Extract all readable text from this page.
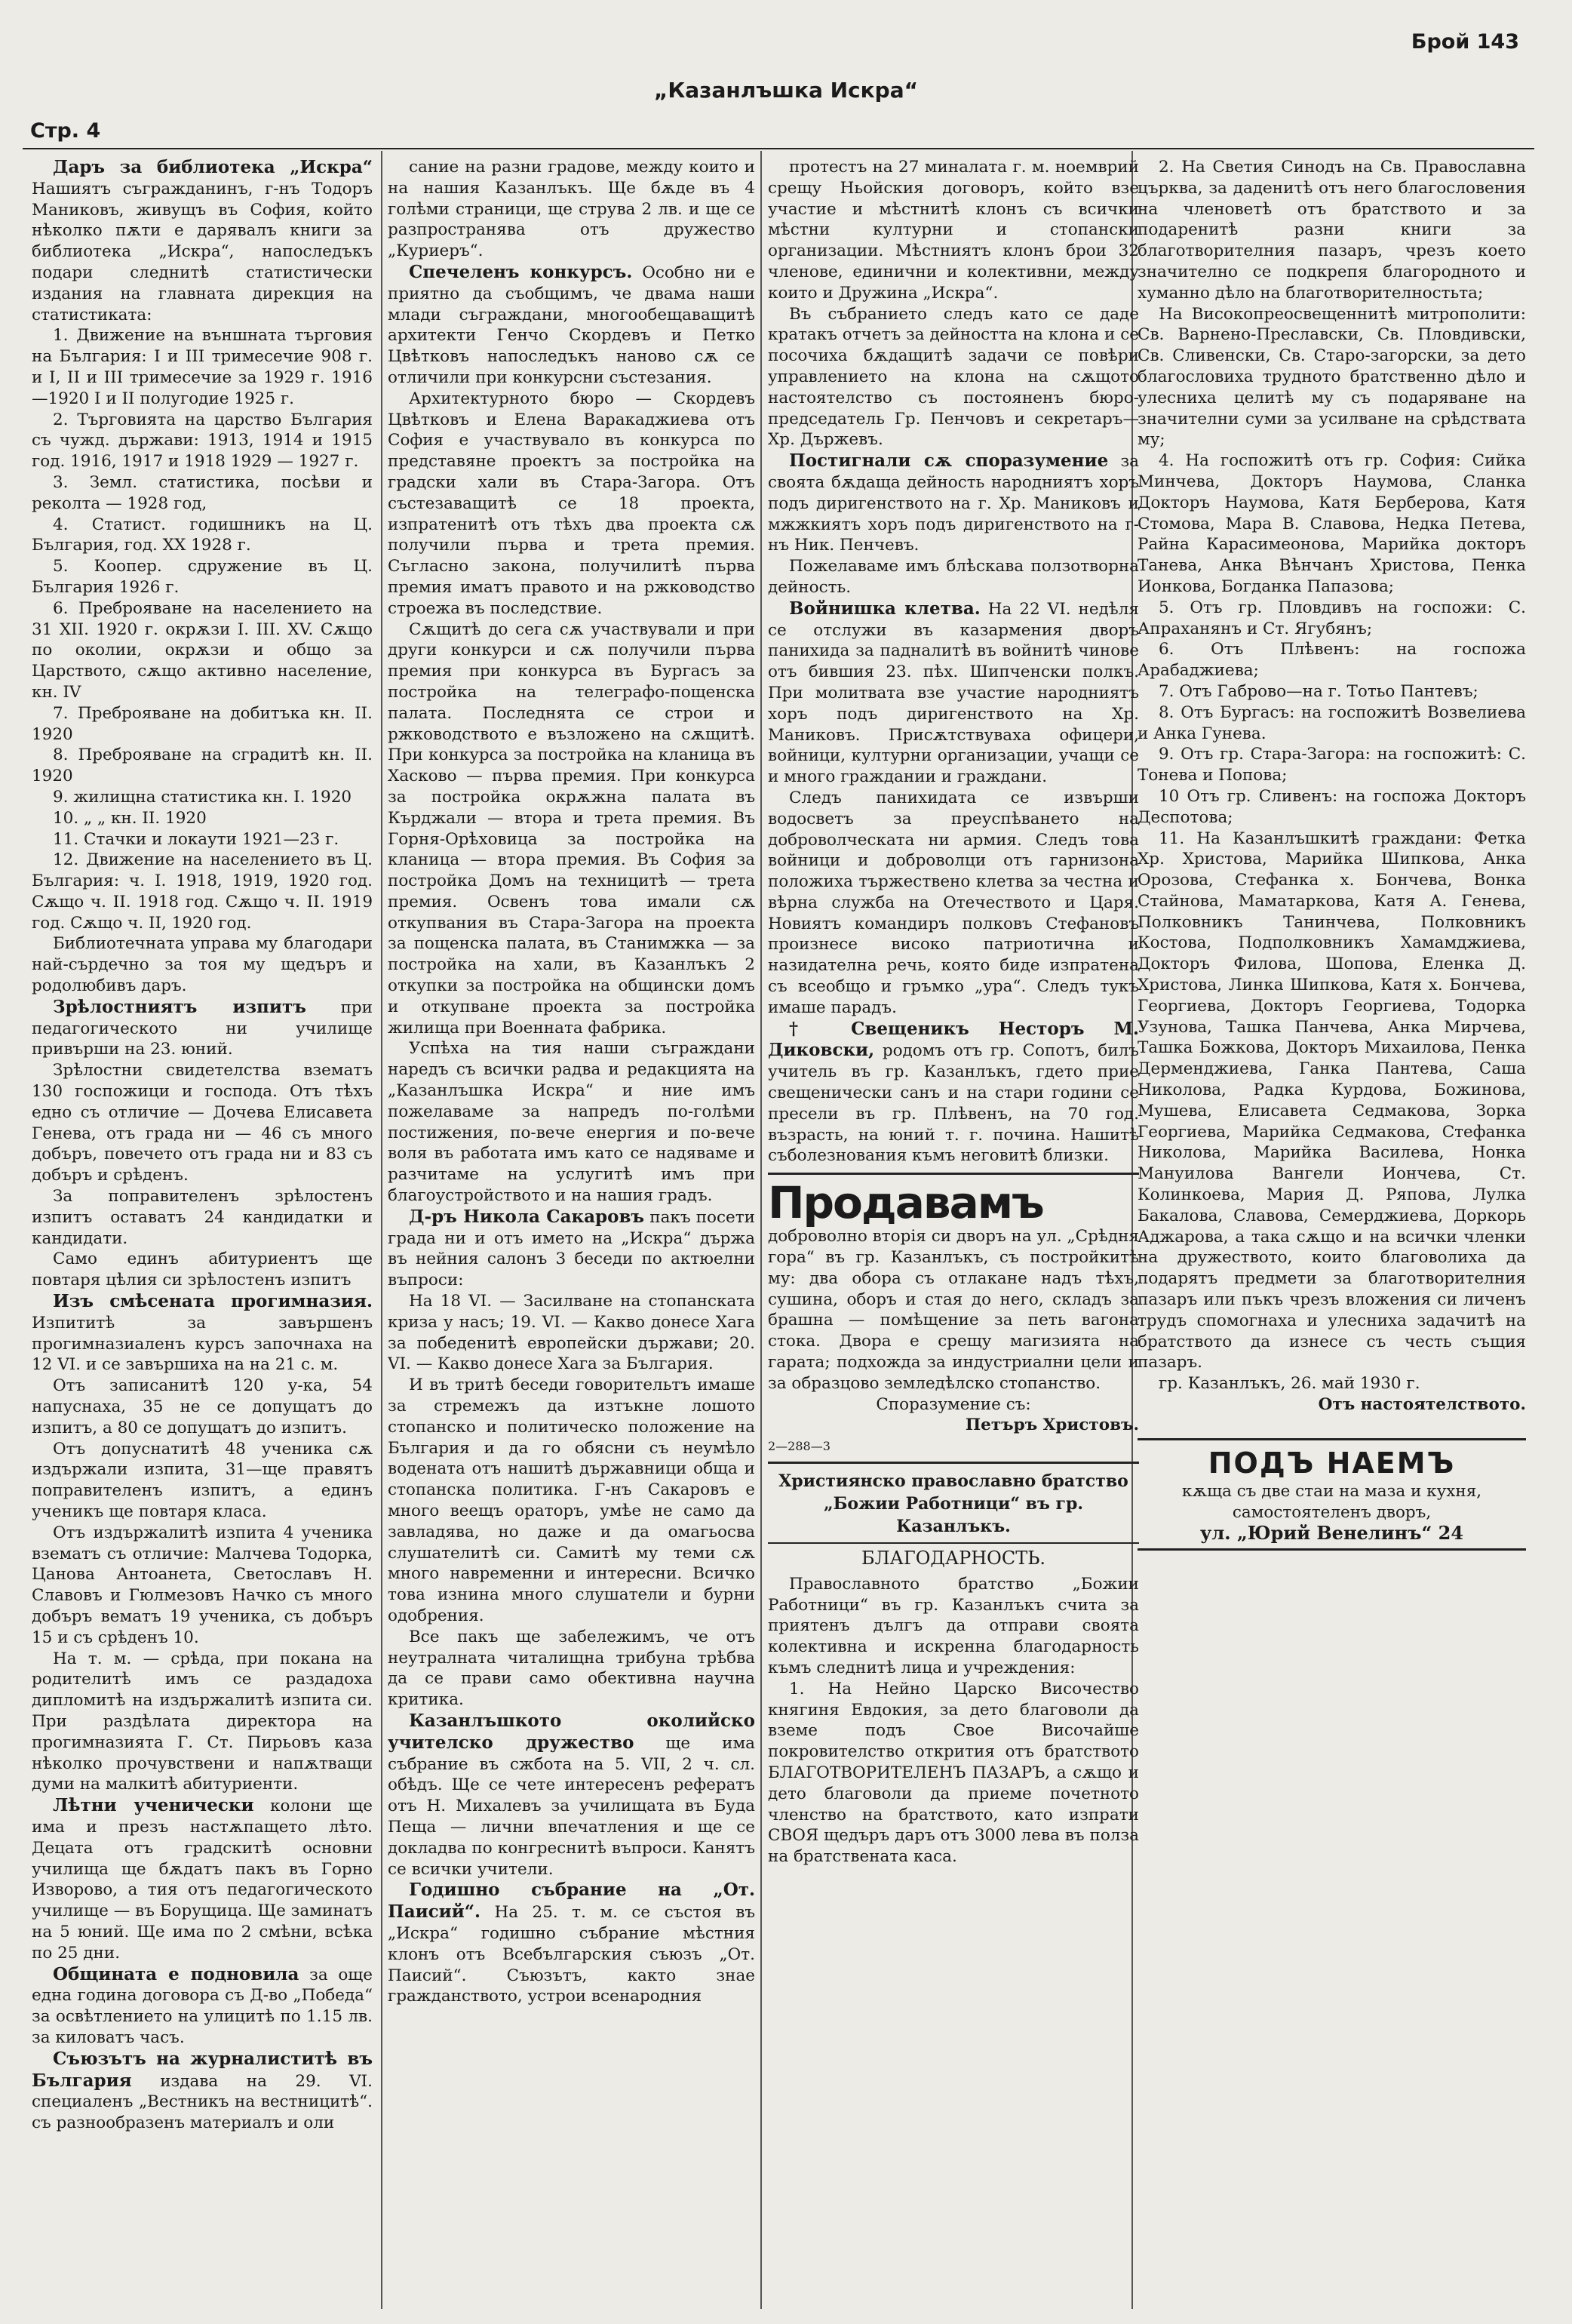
Брой 143
Стр. 4
„Казанлъшка Искра“

Даръ за библиотека „Искра“ Нашиятъ съгражданинъ, г-нъ Тодоръ Маниковъ, живущъ въ София, който нѣколко пѫти е дарявалъ книги за библиотека „Искра“, напоследъкъ подари следнитѣ статистически издания на главната дирекция на статистиката:

1. Движение на външната търговия на България: I и III тримесечие 908 г. и I, II и III тримесечие за 1929 г. 1916—1920 I и II полугодие 1925 г.

2. Търговията на царство България съ чужд. държави: 1913, 1914 и 1915 год. 1916, 1917 и 1918 1929 — 1927 г.

3. Земл. статистика, посѣви и реколта — 1928 год,

4. Статист. годишникъ на Ц. България, год. XX 1928 г.

5. Коопер. сдружение въ Ц. България 1926 г.

6. Преброяване на населението на 31 XII. 1920 г. окрѫзи I. III. XV. Сѫщо по околии, окрѫзи и общо за Царството, сѫщо активно население, кн. IV

7. Преброяване на добитъка кн. II. 1920

8. Преброяване на сградитѣ кн. II. 1920

9. жилищна статистика кн. I. 1920

10. „ „ кн. II. 1920

11. Стачки и локаути 1921—23 г.

12. Движение на населението въ Ц. България: ч. I. 1918, 1919, 1920 год. Сѫщо ч. II. 1918 год. Сѫщо ч. II. 1919 год. Сѫщо ч. II, 1920 год.

Библиотечната управа му благодари най-сърдечно за тоя му щедъръ и родолюбивъ даръ.

Зрѣлостниятъ изпитъ при педагогическото ни училище привърши на 23. юний.

Зрѣлостни свидетелства взематъ 130 госпожици и господа. Отъ тѣхъ едно съ отличие — Дочева Елисавета Генева, отъ града ни — 46 съ много добъръ, повечето отъ града ни и 83 съ добъръ и срѣденъ.

За поправителенъ зрѣлостенъ изпитъ оставатъ 24 кандидатки и кандидати.

Само единъ абитуриентъ ще повтаря цѣлия си зрѣлостенъ изпитъ

Изъ смѣсената прогимназия. Изпититѣ за завършенъ прогимназиаленъ курсъ започнаха на 12 VI. и се завършиха на на 21 с. м.

Отъ записанитѣ 120 у-ка, 54 напуснаха, 35 не се допущатъ до изпитъ, а 80 се допущатъ до изпитъ.

Отъ допуснатитѣ 48 ученика сѫ издържали изпита, 31—ще правятъ поправителенъ изпитъ, а единъ ученикъ ще повтаря класа.

Отъ издържалитѣ изпита 4 ученика взематъ съ отличие: Малчева Тодорка, Цанова Антоанета, Светославъ Н. Славовъ и Гюлмезовъ Начко съ много добъръ вематъ 19 ученика, съ добъръ 15 и съ срѣденъ 10.

На т. м. — срѣда, при покана на родителитѣ имъ се раздадоха дипломитѣ на издържалитѣ изпита си. При раздѣлата директора на прогимназията Г. Ст. Пирьовъ каза нѣколко прочувствени и напѫтващи думи на малкитѣ абитуриенти.

Лѣтни ученически колони ще има и презъ настѫпащето лѣто. Децата отъ градскитѣ основни училища ще бѫдатъ пакъ въ Горно Изворово, а тия отъ педагогическото училище — въ Борущица. Ще заминатъ на 5 юний. Ще има по 2 смѣни, всѣка по 25 дни.

Общината е подновила за още една година договора съ Д-во „Победа“ за освѣтлението на улицитѣ по 1.15 лв. за киловатъ часъ.

Съюзътъ на журналиститѣ въ България издава на 29. VI. специаленъ „Вестникъ на вестницитѣ“. съ разнообразенъ материалъ и оли

сание на разни градове, между които и на нашия Казанлъкъ. Ще бѫде въ 4 голѣми страници, ще струва 2 лв. и ще се разпространява отъ дружество „Куриеръ“.

Спечеленъ конкурсъ. Особно ни е приятно да съобщимъ, че двама наши млади съграждани, многообещаващитѣ архитекти Генчо Скордевъ и Петко Цвѣтковъ напоследъкъ наново сѫ се отличили при конкурсни състезания.

Архитектурното бюро — Скордевъ Цвѣтковъ и Елена Варакаджиева отъ София е участвувало въ конкурса по представяне проектъ за постройка на градски хали въ Стара-Загора. Отъ състезаващитѣ се 18 проекта, изпратенитѣ отъ тѣхъ два проекта сѫ получили първа и трета премия. Съгласно закона, получилитѣ първа премия иматъ правото и на ржководство строежа въ последствие.

Сѫщитѣ до сега сѫ участвували и при други конкурси и сѫ получили първа премия при конкурса въ Бургасъ за постройка на телеграфо-пощенска палата. Последнята се строи и ржководството е възложено на сѫщитѣ. При конкурса за постройка на кланица въ Хасково — първа премия. При конкурса за постройка окрѫжна палата въ Кърджали — втора и трета премия. Въ Горня-Орѣховица за постройка на кланица — втора премия. Въ София за постройка Домъ на техницитѣ — трета премия. Освенъ това имали сѫ откупвания въ Стара-Загора на проекта за пощенска палата, въ Станимжка — за постройка на хали, въ Казанлъкъ 2 откупки за постройка на общински домъ и откупване проекта за постройка жилища при Военната фабрика.

Успѣха на тия наши съграждани наредъ съ всички радва и редакцията на „Казанлъшка Искра“ и ние имъ пожелаваме за напредъ по-голѣми постижения, по-вече енергия и по-вече воля въ работата имъ като се надяваме и разчитаме на услугитѣ имъ при благоустройството и на нашия градъ.

Д-ръ Никола Сакаровъ пакъ посети града ни и отъ името на „Искра“ държа въ нейния салонъ 3 беседи по актюелни въпроси:

На 18 VI. — Засилване на стопанската криза у насъ; 19. VI. — Какво донесе Хага за победенитѣ европейски държави; 20. VI. — Какво донесе Хага за България.

И въ тритѣ беседи говорительтъ имаше за стремежъ да изтъкне лошото стопанско и политическо положение на България и да го обясни съ неумѣло водената отъ нашитѣ държавници обща и стопанска политика. Г-нъ Сакаровъ е много веещъ ораторъ, умѣе не само да завладява, но даже и да омагьосва слушателитѣ си. Самитѣ му теми сѫ много навременни и интересни. Всичко това изнина много слушатели и бурни одобрения.

Все пакъ ще забележимъ, че отъ неутралната читалищна трибуна трѣбва да се прави само обективна научна критика.

Казанлъшкото околийско учителско дружество ще има събрание въ сжбота на 5. VII, 2 ч. сл. обѣдъ. Ще се чете интересенъ рефератъ отъ Н. Михалевъ за училищата въ Буда Пеща — лични впечатления и ще се докладва по конгреснитѣ въпроси. Канятъ се всички учители.

Годишно събрание на „От. Паисий“. На 25. т. м. се състоя въ „Искра“ годишно събрание мѣстния клонъ отъ Всебългарския съюзъ „От. Паисий“. Съюзътъ, както знае гражданството, устрои всенародния

протестъ на 27 миналата г. м. ноемврий срещу Ньойския договоръ, който взе участие и мѣстнитѣ клонъ съ всички мѣстни културни и стопански организации. Мѣстниятъ клонъ брои 32 членове, единични и колективни, между които и Дружина „Искра“.

Въ събранието следъ като се даде кратакъ отчетъ за дейността на клона и се посочиха бѫдащитѣ задачи се повѣри управлението на клона на сѫщото настоятелство съ постояненъ бюро-председатель Гр. Пенчовъ и секретаръ—Хр. Държевъ.

Постигнали сѫ споразумение за своята бѫдаща дейность народниятъ хоръ подъ диригенството на г. Хр. Маниковъ и мжжкиятъ хоръ подъ диригенството на г-нъ Ник. Пенчевъ.

Пожелаваме имъ блѣскава ползотворна дейность.

Войнишка клетва. На 22 VI. недѣля се отслужи въ казармения дворъ панихида за падналитѣ въ войнитѣ чинове отъ бившия 23. пѣх. Шипченски полкъ. При молитвата взе участие народниятъ хоръ подъ диригенството на Хр. Маниковъ. Присѫтствуваха офицери, войници, културни организации, учащи се и много граждании и граждани.

Следъ панихидата се извърши водосветъ за преуспѣването на доброволческата ни армия. Следъ това войници и доброволци отъ гарнизона положиха тържествено клетва за честна и вѣрна служба на Отечеството и Царя. Новиятъ командиръ полковъ Стефановъ произнесе високо патриотична и назидателна речь, която биде изпратена съ всеобщо и гръмко „ура“. Следъ тукъ имаше парадъ.

† Свещеникъ Несторъ М. Диковски, родомъ отъ гр. Сопотъ, билъ учитель въ гр. Казанлъкъ, гдето прие свещенически санъ и на стари години се пресели въ гр. Плѣвенъ, на 70 год. възрасть, на юний т. г. почина. Нашитѣ съболезнования къмъ неговитѣ близки.

Продавамъ

доброволно вторія си дворъ на ул. „Срѣдня гора“ въ гр. Казанлъкъ, съ постройкитѣ му: два обора съ отлакане надъ тѣхъ, сушина, оборъ и стая до него, складъ за брашна — помѣщение за петь вагона стока. Двора е срещу магизията на гарата; подхожда за индустриални цели и за образцово земледѣлско стопанство.

Споразумение съ:

Петъръ Христовъ.

2—288—3

Християнско православно братство „Божии Работници“ въ гр. Казанлъкъ.

БЛАГОДАРНОСТЬ.

Православното братство „Божии Работници“ въ гр. Казанлъкъ счита за приятенъ дългъ да отправи своята колективна и искренна благодарность къмъ следнитѣ лица и учреждения:

1. На Нейно Царско Височество княгиня Евдокия, за дето благоволи да вземе подъ Свое Височайше покровителство открития отъ братството БЛАГОТВОРИТЕЛЕНЪ ПАЗАРЪ, а сѫщо и дето благоволи да приеме почетното членство на братството, като изпрати СВОЯ щедъръ даръ отъ 3000 лева въ полза на братствената каса.

2. На Светия Синодъ на Св. Православна църква, за дадениτѣ отъ него благословения на членоветѣ отъ братството и за подаренитѣ разни книги за благотворителния пазаръ, чрезъ което значително се подкрепя благородното и хуманно дѣло на благотворителностьта;

На Високопреосвещеннитѣ митрополити: Св. Варненo-Преславски, Св. Пловдивски, Св. Сливенски, Св. Старо-загорски, за дето благословиха трудното братственно дѣло и улесниха целитѣ му съ подаряване на значителни суми за усилване на срѣдствата му;

4. На госпожитѣ отъ гр. София: Сийка Минчева, Докторъ Наумова, Сланка Докторъ Наумова, Катя Берберова, Катя Стомова, Мара В. Славова, Недка Петева, Райна Карасимеонова, Марийка докторъ Танева, Анка Вѣнчанъ Христова, Пенка Ионкова, Богданка Папазова;

5. Отъ гр. Пловдивъ на госпожи: С. Апраханянъ и Ст. Ягубянъ;

6. Отъ Плѣвенъ: на госпожа Арабаджиева;

7. Отъ Габрово—на г. Тотьо Пантевъ;

8. Отъ Бургасъ: на госпожитѣ Возвелиева и Анка Гунева.

9. Отъ гр. Стара-Загора: на госпожитѣ: С. Тонева и Попова;

10 Отъ гр. Сливенъ: на госпожа Докторъ Деспотова;

11. На Казанлъшкитѣ граждани: Фетка Хр. Христова, Марийка Шипкова, Анка Орозова, Стефанка х. Бончева, Вонка Стайнова, Маматаркова, Катя А. Генева, Полковникъ Танинчева, Полковникъ Костова, Подполковникъ Хамамджиева, Докторъ Филова, Шопова, Еленка Д. Христова, Линка Шипкова, Катя х. Бончева, Георгиева, Докторъ Георгиева, Тодорка Узунова, Ташка Панчева, Анка Мирчева, Ташка Божкова, Докторъ Михаилова, Пенка Дерменджиева, Ганка Пантева, Саша Николова, Радка Курдова, Божинова, Мушева, Елисавета Седмакова, Зорка Георгиева, Марийка Седмакова, Стефанка Николова, Марийка Василева, Нонка Мануилова Вангели Иончева, Ст. Колинкоева, Мария Д. Ряпова, Лулка Бакалова, Славова, Семерджиева, Доркорь Аджарова, а така сѫщо и на всички членки на дружеството, които благоволиха да подарятъ предмети за благотворителния пазаръ или пъкъ чрезъ вложения си личенъ трудъ спомогнаха и улесниха задачитѣ на братството да изнесе съ честь същия пазаръ.

гр. Казанлъкъ, 26. май 1930 г.

Отъ настоятелството.

ПОДЪ НАЕМЪ

кѫща съ две стаи на маза и кухня, самостоятеленъ дворъ,

ул. „Юрий Венелинъ“ 24
